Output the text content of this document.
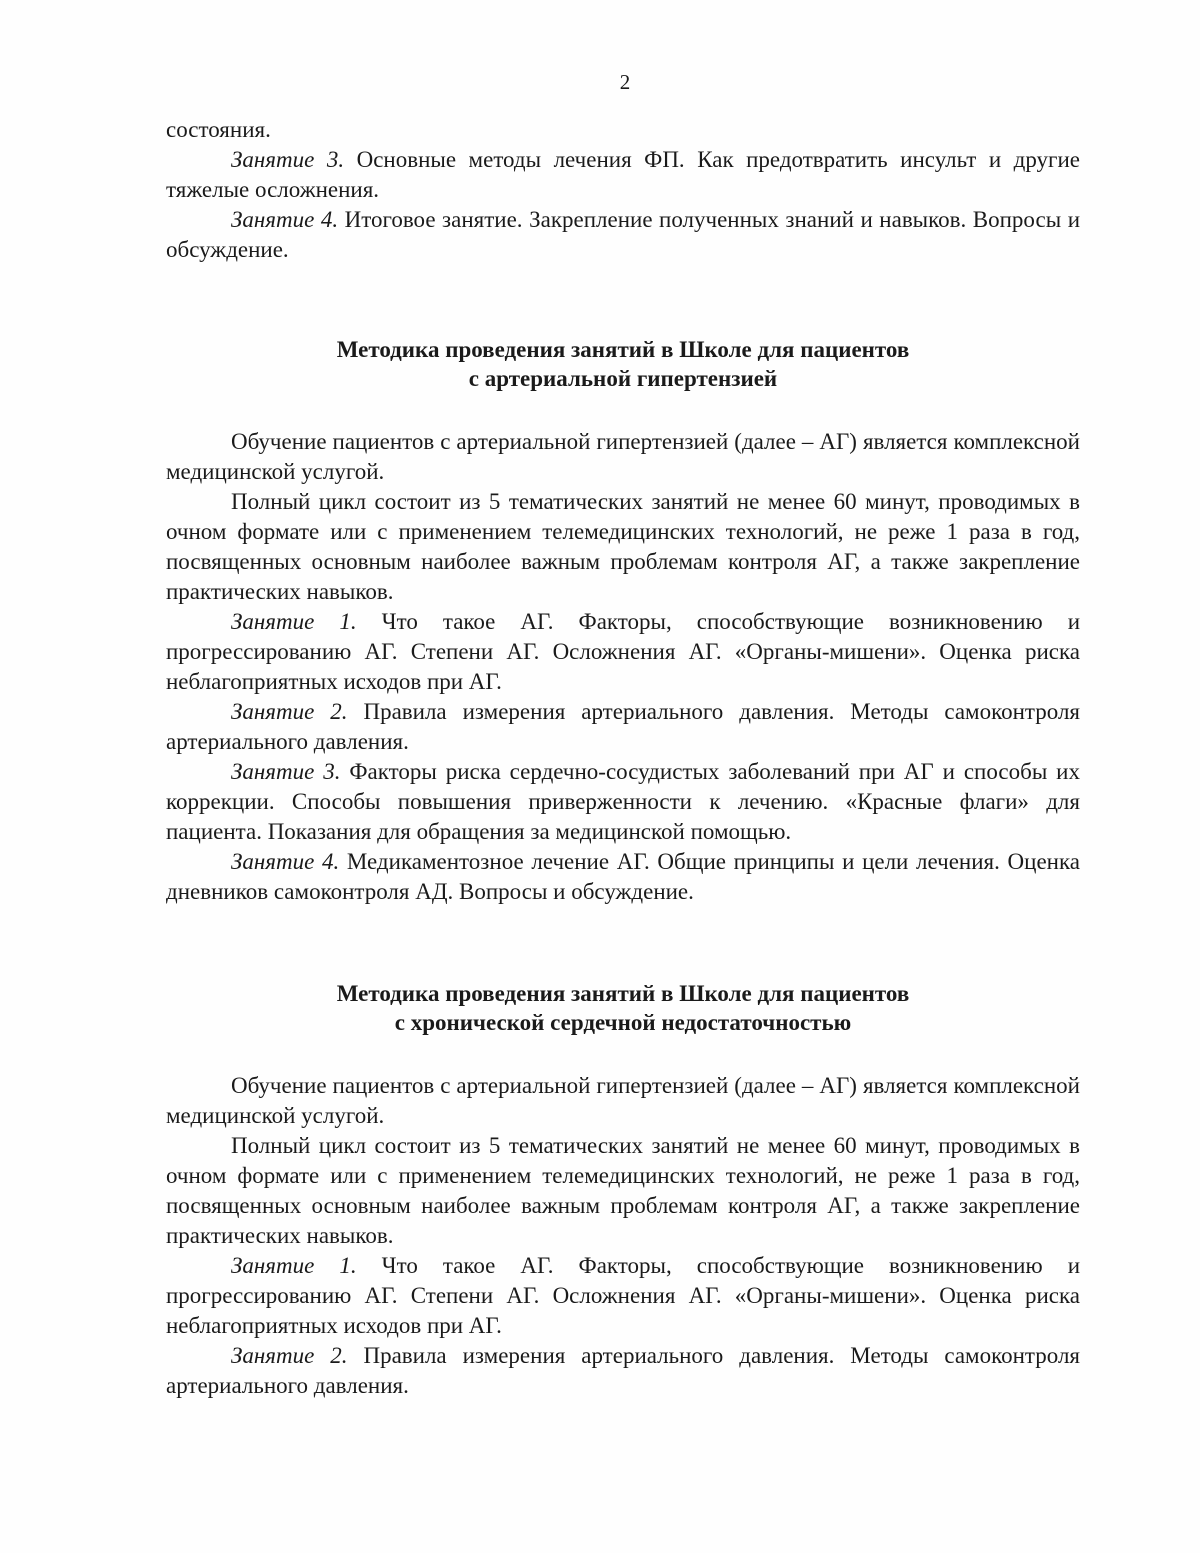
2

состояния.

Занятие 3. Основные методы лечения ФП. Как предотвратить инсульт и другие тяжелые осложнения.

Занятие 4. Итоговое занятие. Закрепление полученных знаний и навыков. Вопросы и обсуждение.

Методика проведения занятий в Школе для пациентов
с артериальной гипертензией

Обучение пациентов с артериальной гипертензией (далее – АГ) является комплексной медицинской услугой.

Полный цикл состоит из 5 тематических занятий не менее 60 минут, проводимых в очном формате или с применением телемедицинских технологий, не реже 1 раза в год, посвященных основным наиболее важным проблемам контроля АГ, а также закрепление практических навыков.

Занятие 1. Что такое АГ. Факторы, способствующие возникновению и прогрессированию АГ. Степени АГ. Осложнения АГ. «Органы-мишени». Оценка риска неблагоприятных исходов при АГ.

Занятие 2. Правила измерения артериального давления. Методы самоконтроля артериального давления.

Занятие 3. Факторы риска сердечно-сосудистых заболеваний при АГ и способы их коррекции. Способы повышения приверженности к лечению. «Красные флаги» для пациента. Показания для обращения за медицинской помощью.

Занятие 4. Медикаментозное лечение АГ. Общие принципы и цели лечения. Оценка дневников самоконтроля АД. Вопросы и обсуждение.

Методика проведения занятий в Школе для пациентов
с хронической сердечной недостаточностью

Обучение пациентов с артериальной гипертензией (далее – АГ) является комплексной медицинской услугой.

Полный цикл состоит из 5 тематических занятий не менее 60 минут, проводимых в очном формате или с применением телемедицинских технологий, не реже 1 раза в год, посвященных основным наиболее важным проблемам контроля АГ, а также закрепление практических навыков.

Занятие 1. Что такое АГ. Факторы, способствующие возникновению и прогрессированию АГ. Степени АГ. Осложнения АГ. «Органы-мишени». Оценка риска неблагоприятных исходов при АГ.

Занятие 2. Правила измерения артериального давления. Методы самоконтроля артериального давления.
